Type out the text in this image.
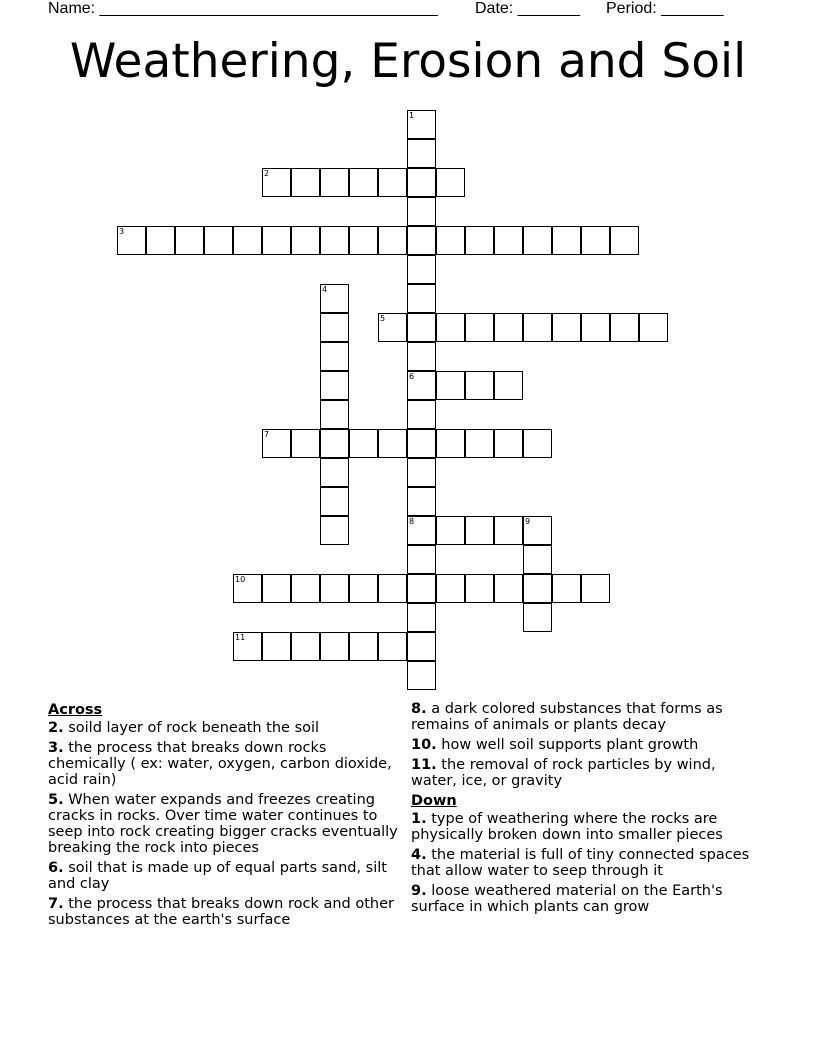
Name: ______________________________________

Date: _______

Period: _______

Weathering, Erosion and Soil
1
6
8
2
3
4
5
7
9
10
11
Across
2. soild layer of rock beneath the soil
3. the process that breaks down rocks chemically ( ex: water, oxygen, carbon dioxide, acid rain)
5. When water expands and freezes creating cracks in rocks. Over time water continues to seep into rock creating bigger cracks eventually breaking the rock into pieces
6. soil that is made up of equal parts sand, silt and clay
7. the process that breaks down rock and other substances at the earth's surface
8. a dark colored substances that forms as remains of animals or plants decay
10. how well soil supports plant growth
11. the removal of rock particles by wind, water, ice, or gravity
Down
1. type of weathering where the rocks are physically broken down into smaller pieces
4. the material is full of tiny connected spaces that allow water to seep through it
9. loose weathered material on the Earth's surface in which plants can grow
